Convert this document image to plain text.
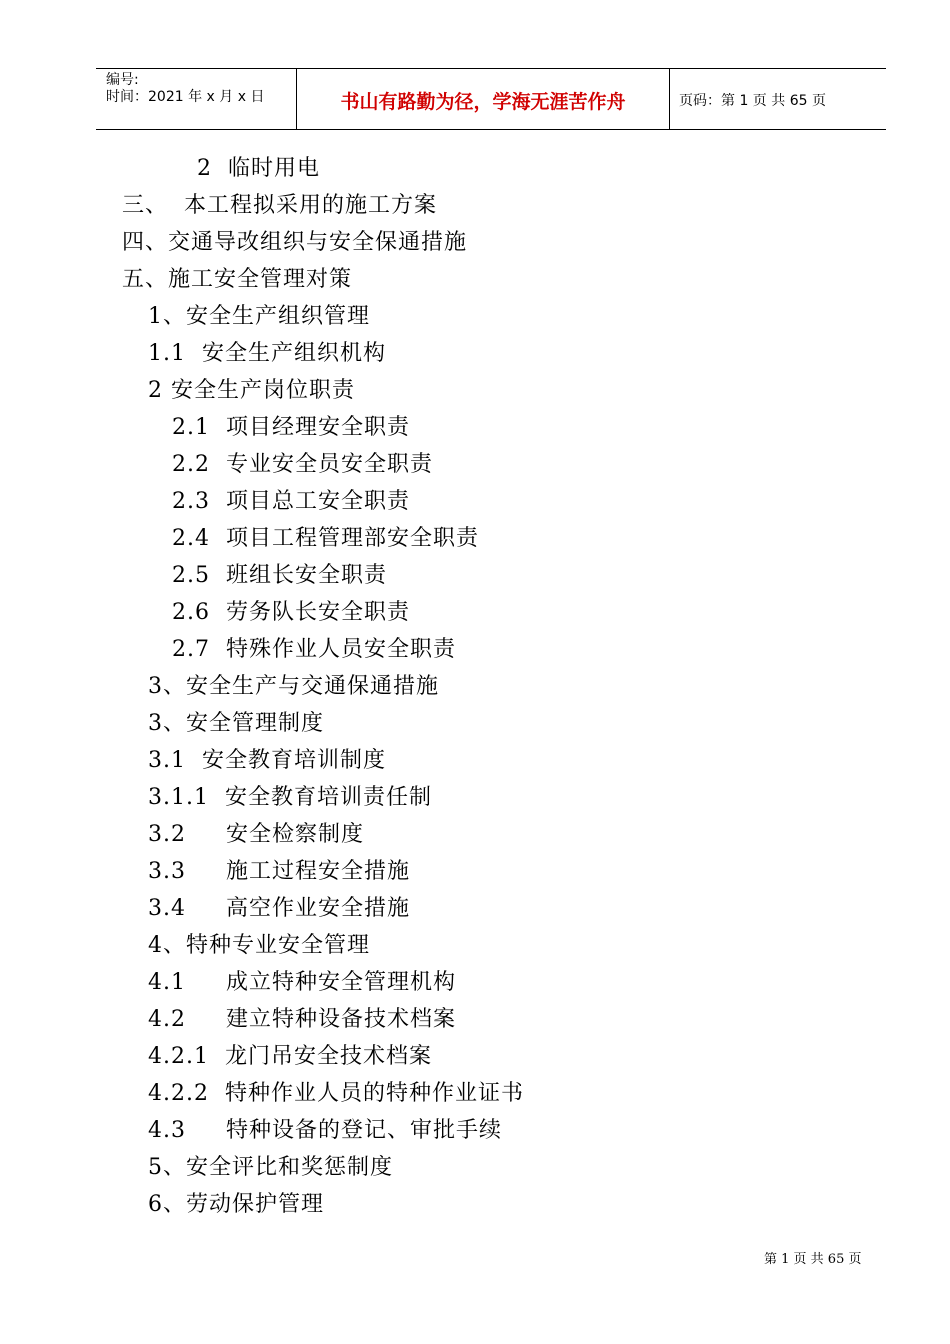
编号:
时间：2021 年 x 月 x 日	书山有路勤为径，学海无涯苦作舟	页码：第 1 页 共 65 页
2  临时用电
三、  本工程拟采用的施工方案
四、交通导改组织与安全保通措施
五、施工安全管理对策
1、安全生产组织管理
1.1  安全生产组织机构
2 安全生产岗位职责
2.1  项目经理安全职责
2.2  专业安全员安全职责
2.3  项目总工安全职责
2.4  项目工程管理部安全职责
2.5  班组长安全职责
2.6  劳务队长安全职责
2.7  特殊作业人员安全职责
3、安全生产与交通保通措施
3、安全管理制度
3.1  安全教育培训制度
3.1.1  安全教育培训责任制
3.2     安全检察制度
3.3     施工过程安全措施
3.4     高空作业安全措施
4、特种专业安全管理
4.1     成立特种安全管理机构
4.2     建立特种设备技术档案
4.2.1  龙门吊安全技术档案
4.2.2  特种作业人员的特种作业证书
4.3     特种设备的登记、审批手续
5、安全评比和奖惩制度
6、劳动保护管理
第 1 页 共 65 页
